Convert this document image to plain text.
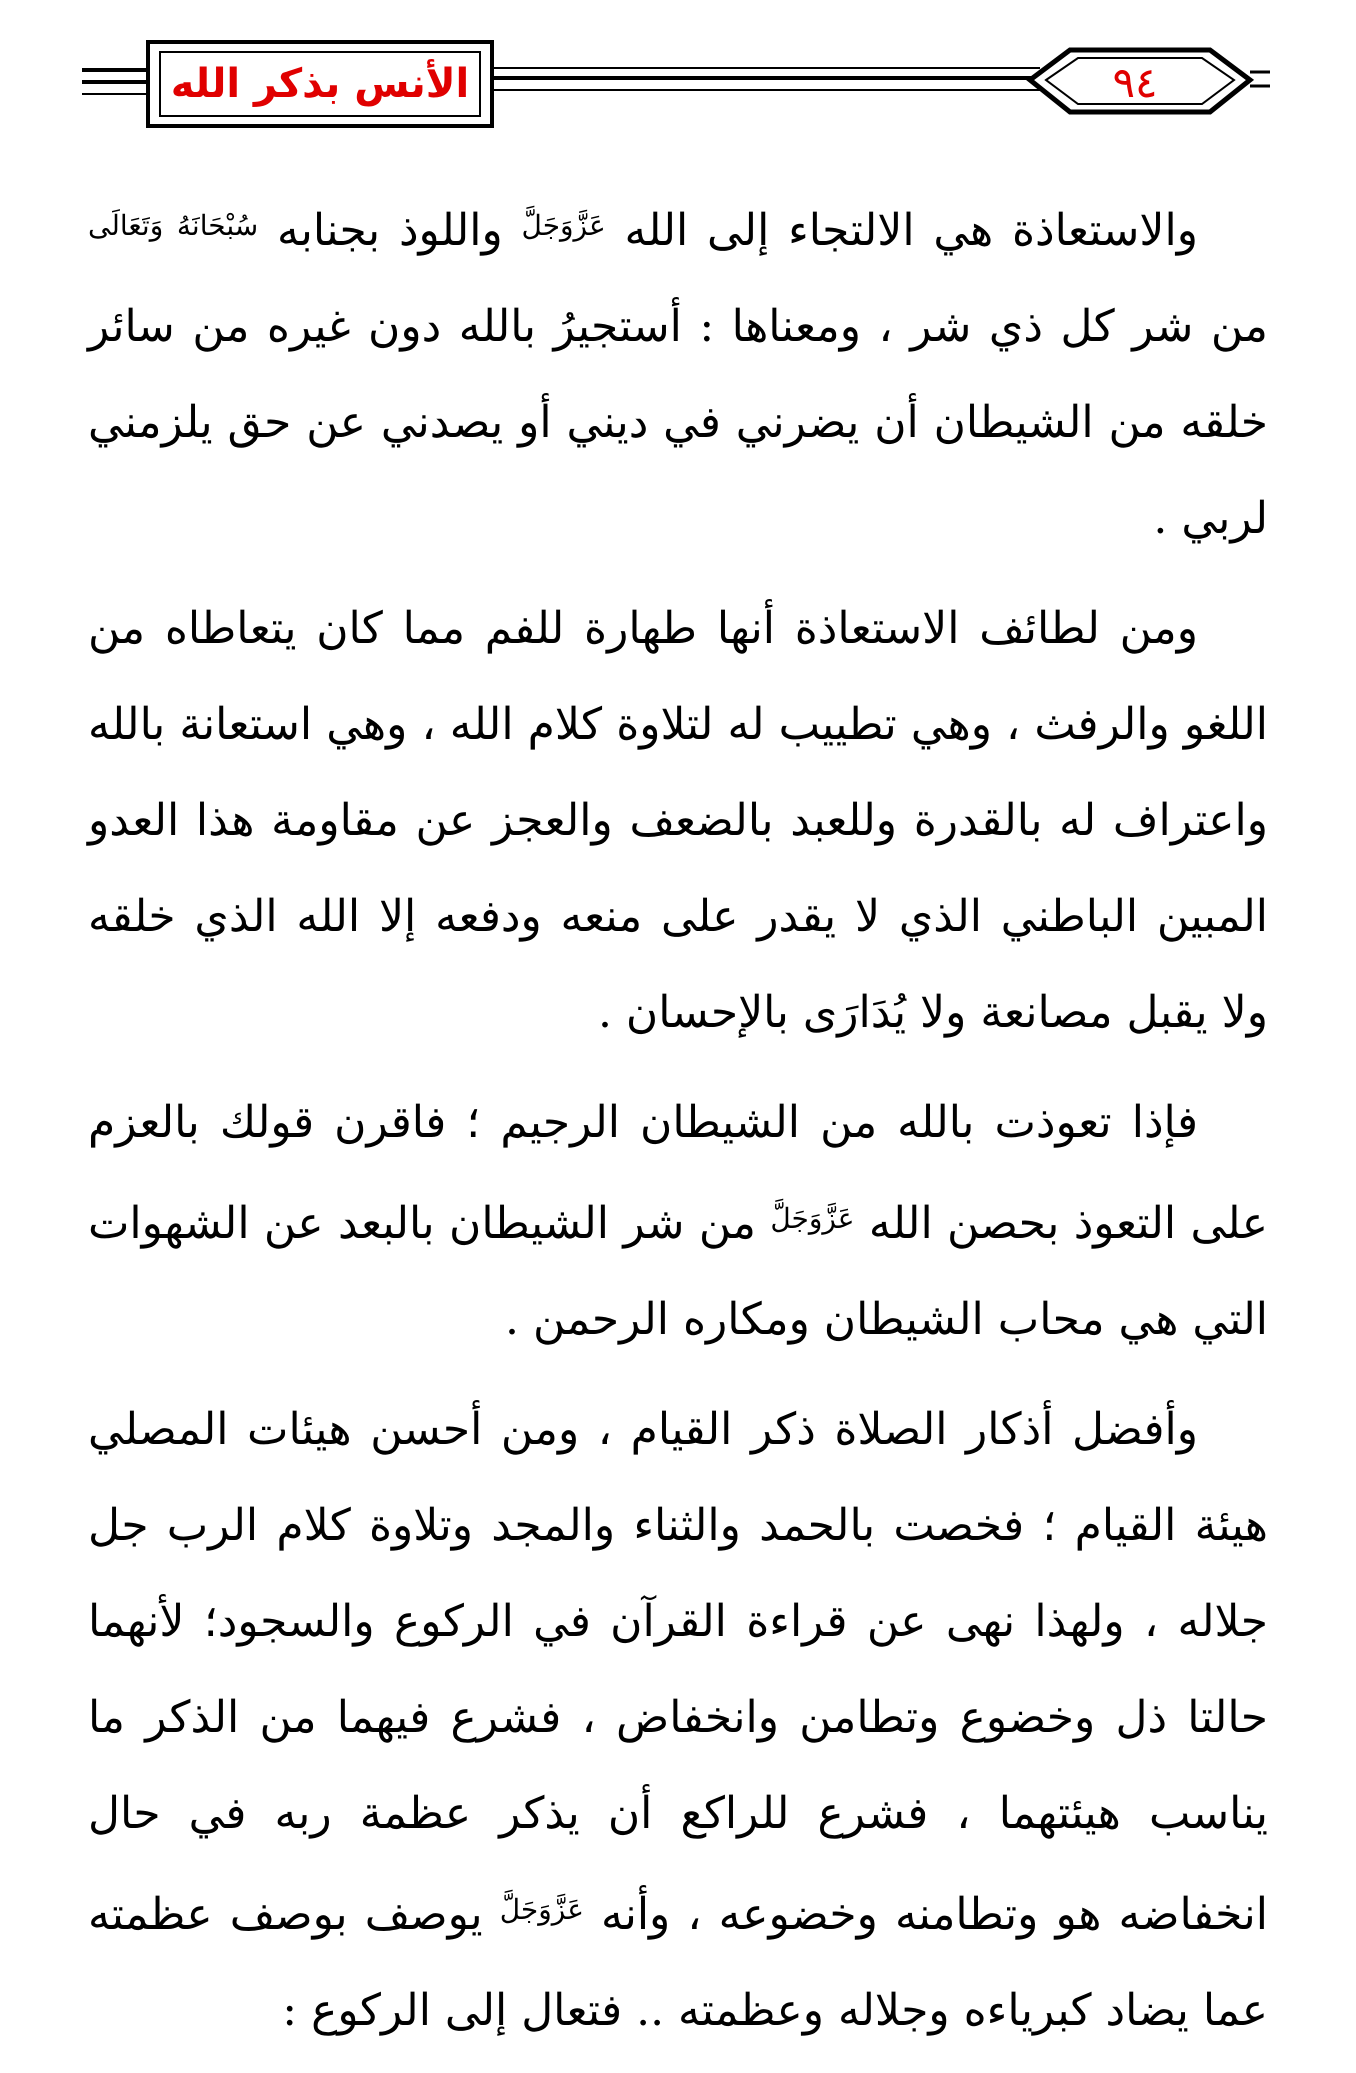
الأنس بذكر الله	٩٤

والاستعاذة هي الالتجاء إلى الله $^{عَزَّوَجَلَّ}$ واللوذ بجنابه $^{سُبْحَانَهُ وَتَعَالَى}$ من شر كل ذي شر ، ومعناها : أستجيرُ بالله دون غيره من سائر خلقه من الشيطان أن يضرني في ديني أو يصدني عن حق يلزمني لربي .

ومن لطائف الاستعاذة أنها طهارة للفم مما كان يتعاطاه من اللغو والرفث ، وهي تطييب له لتلاوة كلام الله ، وهي استعانة بالله واعتراف له بالقدرة وللعبد بالضعف والعجز عن مقاومة هذا العدو المبين الباطني الذي لا يقدر على منعه ودفعه إلا الله الذي خلقه ولا يقبل مصانعة ولا يُدَارَى بالإحسان .

فإذا تعوذت بالله من الشيطان الرجيم ؛ فاقرن قولك بالعزم على التعوذ بحصن الله $^{عَزَّوَجَلَّ}$ من شر الشيطان بالبعد عن الشهوات التي هي محاب الشيطان ومكاره الرحمن .

وأفضل أذكار الصلاة ذكر القيام ، ومن أحسن هيئات المصلي هيئة القيام ؛ فخصت بالحمد والثناء والمجد وتلاوة كلام الرب جل جلاله ، ولهذا نهى عن قراءة القرآن في الركوع والسجود؛ لأنهما حالتا ذل وخضوع وتطامن وانخفاض ، فشرع فيهما من الذكر ما يناسب هيئتهما ، فشرع للراكع أن يذكر عظمة ربه في حال انخفاضه هو وتطامنه وخضوعه ، وأنه $^{عَزَّوَجَلَّ}$ يوصف بوصف عظمته عما يضاد كبرياءه وجلاله وعظمته .. فتعال إلى الركوع :
